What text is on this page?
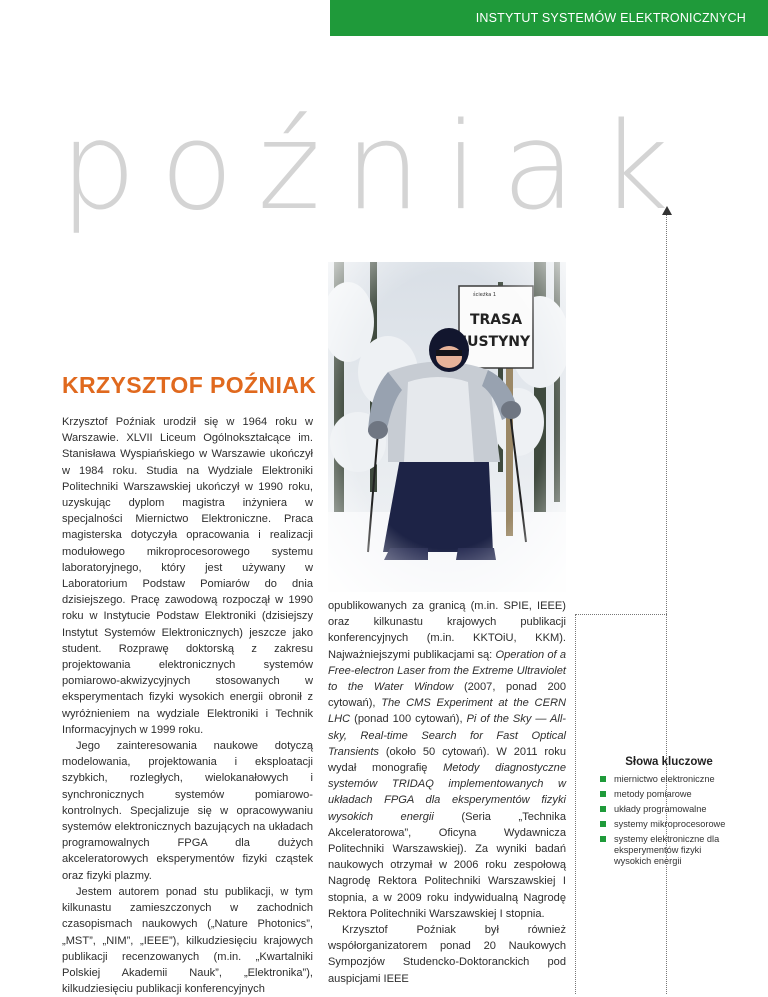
INSTYTUT SYSTEMÓW ELEKTRONICZNYCH
poźniak
KRZYSZTOF POŹNIAK

Krzysztof Poźniak urodził się w 1964 roku w Warszawie. XLVII Liceum Ogólnokształcące im. Stanisława Wyspiańskiego w Warszawie ukończył w 1984 roku. Studia na Wydziale Elektroniki Politechniki Warszawskiej ukończył w 1990 roku, uzyskując dyplom magistra inżyniera w specjalności Miernictwo Elektroniczne. Praca magisterska dotyczyła opracowania i realizacji modułowego mikroprocesorowego systemu laboratoryjnego, który jest używany w Laboratorium Podstaw Pomiarów do dnia dzisiejszego. Pracę zawodową rozpoczął w 1990 roku w Instytucie Podstaw Elektroniki (dzisiejszy Instytut Systemów Elektronicznych) jeszcze jako student. Rozprawę doktorską z zakresu projektowania elektronicznych systemów pomiarowo-akwizycyjnych stosowanych w eksperymentach fizyki wysokich energii obronił z wyróżnieniem na wydziale Elektroniki i Technik Informacyjnych w 1999 roku.

Jego zainteresowania naukowe dotyczą modelowania, projektowania i eksploatacji szybkich, rozległych, wielokanałowych i synchronicznych systemów pomiarowo-kontrolnych. Specjalizuje się w opracowywaniu systemów elektronicznych bazujących na układach programowalnych FPGA dla dużych akceleratorowych eksperymentów fizyki cząstek oraz fizyki plazmy.

Jestem autorem ponad stu publikacji, w tym kilkunastu zamieszczonych w zachodnich czasopismach naukowych („Nature Photonics”, „MST”, „NIM”, „IEEE”), kilkudziesięciu krajowych publikacji recenzowanych (m.in. „Kwartalniki Polskiej Akademii Nauk”, „Elektronika”), kilkudziesięciu publikacji konferencyjnych

opublikowanych za granicą (m.in. SPIE, IEEE) oraz kilkunastu krajowych publikacji konferencyjnych (m.in. KKTOiU, KKM). Najważniejszymi publikacjami są: Operation of a Free-electron Laser from the Extreme Ultraviolet to the Water Window (2007, ponad 200 cytowań), The CMS Experiment at the CERN LHC (ponad 100 cytowań), Pi of the Sky — All-sky, Real-time Search for Fast Optical Transients (około 50 cytowań). W 2011 roku wydał monografię Metody diagnostyczne systemów TRIDAQ implementowanych w układach FPGA dla eksperymentów fizyki wysokich energii (Seria „Technika Akceleratorowa”, Oficyna Wydawnicza Politechniki Warszawskiej). Za wyniki badań naukowych otrzymał w 2006 roku zespołową Nagrodę Rektora Politechniki Warszawskiej I stopnia, a w 2009 roku indywidualną Nagrodę Rektora Politechniki Warszawskiej I stopnia.

Krzysztof Poźniak był również współorganizatorem ponad 20 Naukowych Sympozjów Studencko-Doktoranckich pod auspicjami IEEE

Słowa kluczowe
miernictwo elektroniczne
metody pomiarowe
układy programowalne
systemy mikroprocesorowe
systemy elektroniczne dla eksperymentów fizyki wysokich energii
